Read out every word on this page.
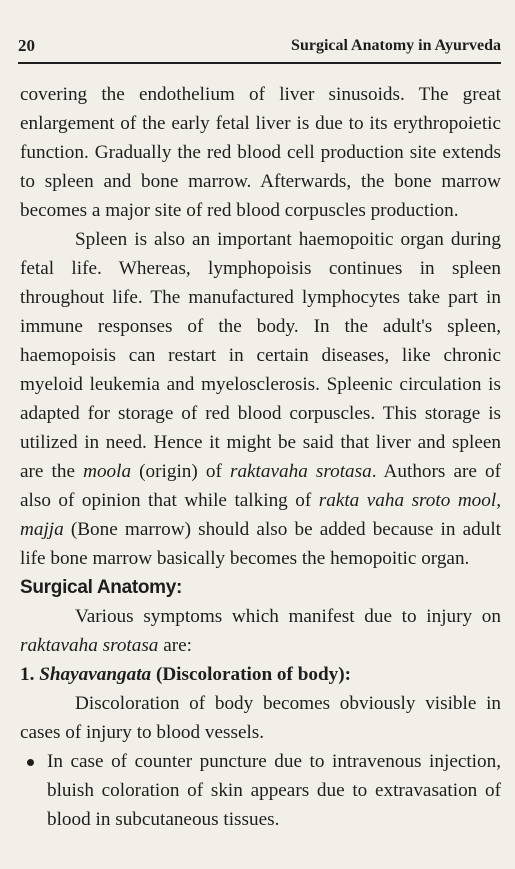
20	Surgical Anatomy in Ayurveda

covering the endothelium of liver sinusoids. The great enlargement of the early fetal liver is due to its erythropoietic function. Gradually the red blood cell production site extends to spleen and bone marrow. Afterwards, the bone marrow becomes a major site of red blood corpuscles production.

Spleen is also an important haemopoitic organ during fetal life. Whereas, lymphopoisis continues in spleen throughout life. The manufactured lymphocytes take part in immune responses of the body. In the adult's spleen, haemopoisis can restart in certain diseases, like chronic myeloid leukemia and myelosclerosis. Spleenic circulation is adapted for storage of red blood corpuscles. This storage is utilized in need. Hence it might be said that liver and spleen are the moola (origin) of raktavaha srotasa. Authors are of also of opinion that while talking of rakta vaha sroto mool, majja (Bone marrow) should also be added because in adult life bone marrow basically becomes the hemopoitic organ.

Surgical Anatomy:

Various symptoms which manifest due to injury on raktavaha srotasa are:

1. Shayavangata (Discoloration of body):

Discoloration of body becomes obviously visible in cases of injury to blood vessels.

In case of counter puncture due to intravenous injection, bluish coloration of skin appears due to extravasation of blood in subcutaneous tissues.
